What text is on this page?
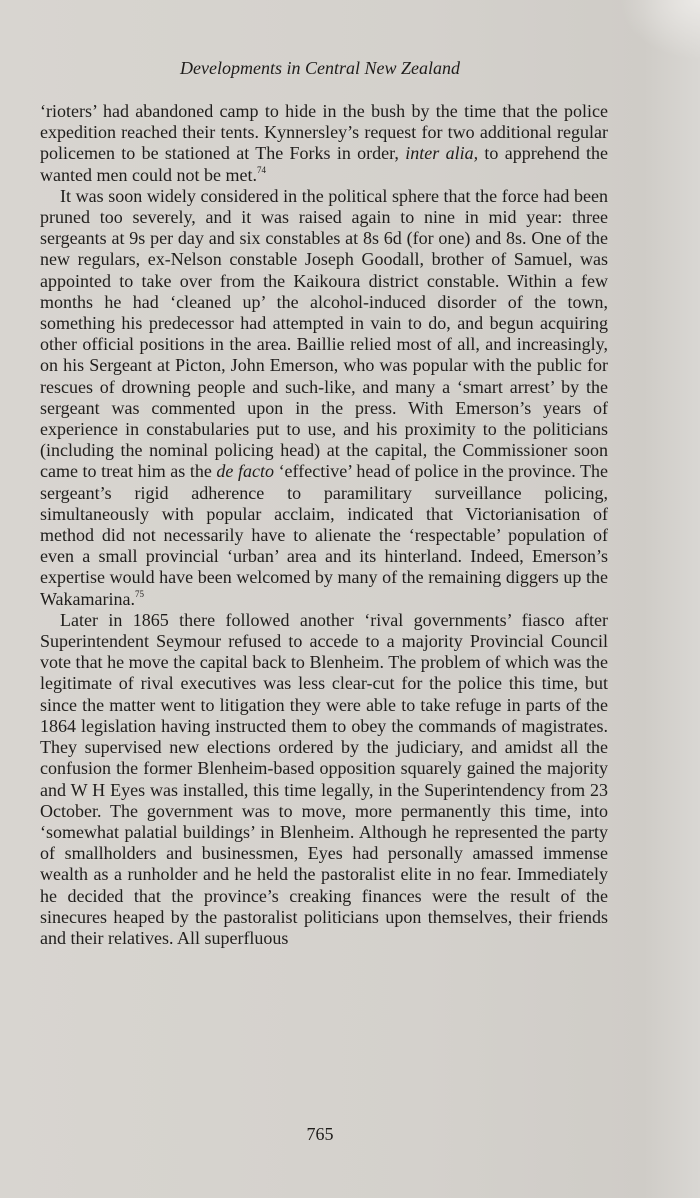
Developments in Central New Zealand

‘rioters’ had abandoned camp to hide in the bush by the time that the police expedition reached their tents. Kynnersley’s request for two additional regular policemen to be stationed at The Forks in order, inter alia, to apprehend the wanted men could not be met.$^{74}$

It was soon widely considered in the political sphere that the force had been pruned too severely, and it was raised again to nine in mid year: three sergeants at 9s per day and six constables at 8s 6d (for one) and 8s. One of the new regulars, ex-Nelson constable Joseph Goodall, brother of Samuel, was appointed to take over from the Kaikoura district constable. Within a few months he had ‘cleaned up’ the alcohol-induced disorder of the town, something his predecessor had attempted in vain to do, and begun acquiring other official positions in the area. Baillie relied most of all, and increasingly, on his Sergeant at Picton, John Emerson, who was popular with the public for rescues of drowning people and such-like, and many a ‘smart arrest’ by the sergeant was commented upon in the press. With Emerson’s years of experience in constabularies put to use, and his proximity to the politicians (including the nominal policing head) at the capital, the Commissioner soon came to treat him as the de facto ‘effective’ head of police in the province. The sergeant’s rigid adherence to paramilitary surveillance policing, simultaneously with popular acclaim, indicated that Victorianisation of method did not necessarily have to alienate the ‘respectable’ population of even a small provincial ‘urban’ area and its hinterland. Indeed, Emerson’s expertise would have been welcomed by many of the remaining diggers up the Wakamarina.$^{75}$

Later in 1865 there followed another ‘rival governments’ fiasco after Superintendent Seymour refused to accede to a majority Provincial Council vote that he move the capital back to Blenheim. The problem of which was the legitimate of rival executives was less clear-cut for the police this time, but since the matter went to litigation they were able to take refuge in parts of the 1864 legislation having instructed them to obey the commands of magistrates. They supervised new elections ordered by the judiciary, and amidst all the confusion the former Blenheim-based opposition squarely gained the majority and W H Eyes was installed, this time legally, in the Superintendency from 23 October. The government was to move, more permanently this time, into ‘somewhat palatial buildings’ in Blenheim. Although he represented the party of smallholders and businessmen, Eyes had personally amassed immense wealth as a runholder and he held the pastoralist elite in no fear. Immediately he decided that the province’s creaking finances were the result of the sinecures heaped by the pastoralist politicians upon themselves, their friends and their relatives. All superfluous

765
